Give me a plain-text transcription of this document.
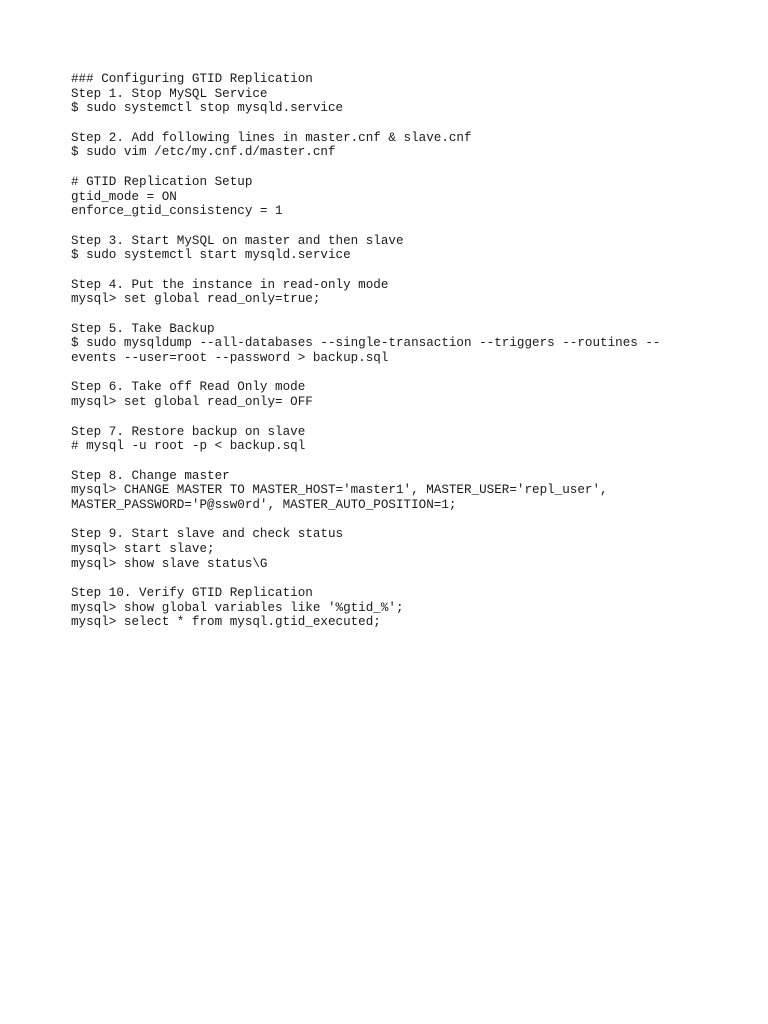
### Configuring GTID Replication
Step 1. Stop MySQL Service
$ sudo systemctl stop mysqld.service
Step 2. Add following lines in master.cnf & slave.cnf
$ sudo vim /etc/my.cnf.d/master.cnf
# GTID Replication Setup
gtid_mode = ON
enforce_gtid_consistency = 1
Step 3. Start MySQL on master and then slave
$ sudo systemctl start mysqld.service
Step 4. Put the instance in read-only mode
mysql> set global read_only=true;
Step 5. Take Backup
$ sudo mysqldump --all-databases --single-transaction --triggers --routines --
events --user=root --password > backup.sql
Step 6. Take off Read Only mode
mysql> set global read_only= OFF
Step 7. Restore backup on slave
# mysql -u root -p < backup.sql
Step 8. Change master
mysql> CHANGE MASTER TO MASTER_HOST='master1', MASTER_USER='repl_user',
MASTER_PASSWORD='P@ssw0rd', MASTER_AUTO_POSITION=1;
Step 9. Start slave and check status
mysql> start slave;
mysql> show slave status\G
Step 10. Verify GTID Replication
mysql> show global variables like '%gtid_%';
mysql> select * from mysql.gtid_executed;
